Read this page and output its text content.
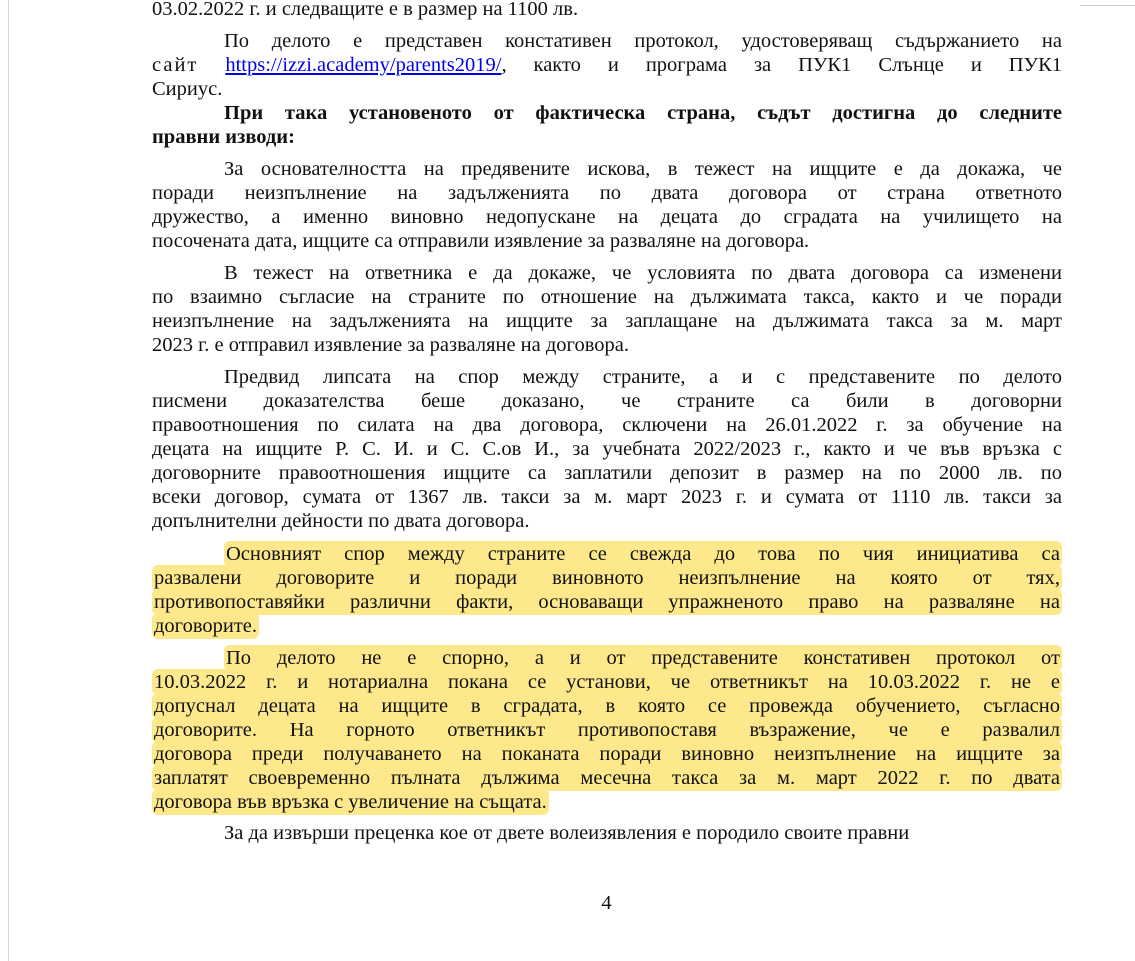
03.02.2022 г. и следващите е в размер на 1100 лв.
По делото е представен констативен протокол, удостоверяващ съдържанието на
сайт https://izzi.academy/parents2019/, както и програма за ПУК1 Слънце и ПУК1
Сириус.
При така установеното от фактическа страна, съдът достигна до следните
правни изводи:
За основателността на предявените искова, в тежест на ищците е да докажа, че
поради неизпълнение на задълженията по двата договора от страна ответното
дружество, а именно виновно недопускане на децата до сградата на училището на
посочената дата, ищците са отправили изявление за разваляне на договора.
В тежест на ответника е да докаже, че условията по двата договора са изменени
по взаимно съгласие на страните по отношение на дължимата такса, както и че поради
неизпълнение на задълженията на ищците за заплащане на дължимата такса за м. март
2023 г. е отправил изявление за разваляне на договора.
Предвид липсата на спор между страните, а и с представените по делото
писмени доказателства беше доказано, че страните са били в договорни
правоотношения по силата на два договора, сключени на 26.01.2022 г. за обучение на
децата на ищците Р. С. И. и С. С.ов И., за учебната 2022/2023 г., както и че във връзка с
договорните правоотношения ищците са заплатили депозит в размер на по 2000 лв. по
всеки договор, сумата от 1367 лв. такси за м. март 2023 г. и сумата от 1110 лв. такси за
допълнителни дейности по двата договора.
Основният спор между страните се свежда до това по чия инициатива са
развалени договорите и поради виновното неизпълнение на която от тях,
противопоставяйки различни факти, основаващи упражненото право на разваляне на
договорите.
По делото не е спорно, а и от представените констативен протокол от
10.03.2022 г. и нотариална покана се установи, че ответникът на 10.03.2022 г. не е
допуснал децата на ищците в сградата, в която се провежда обучението, съгласно
договорите. На горното ответникът противопоставя възражение, че е развалил
договора преди получаването на поканата поради виновно неизпълнение на ищците за
заплатят своевременно пълната дължима месечна такса за м. март 2022 г. по двата
договора във връзка с увеличение на същата.
За да извърши преценка кое от двете волеизявления е породило своите правни
4
